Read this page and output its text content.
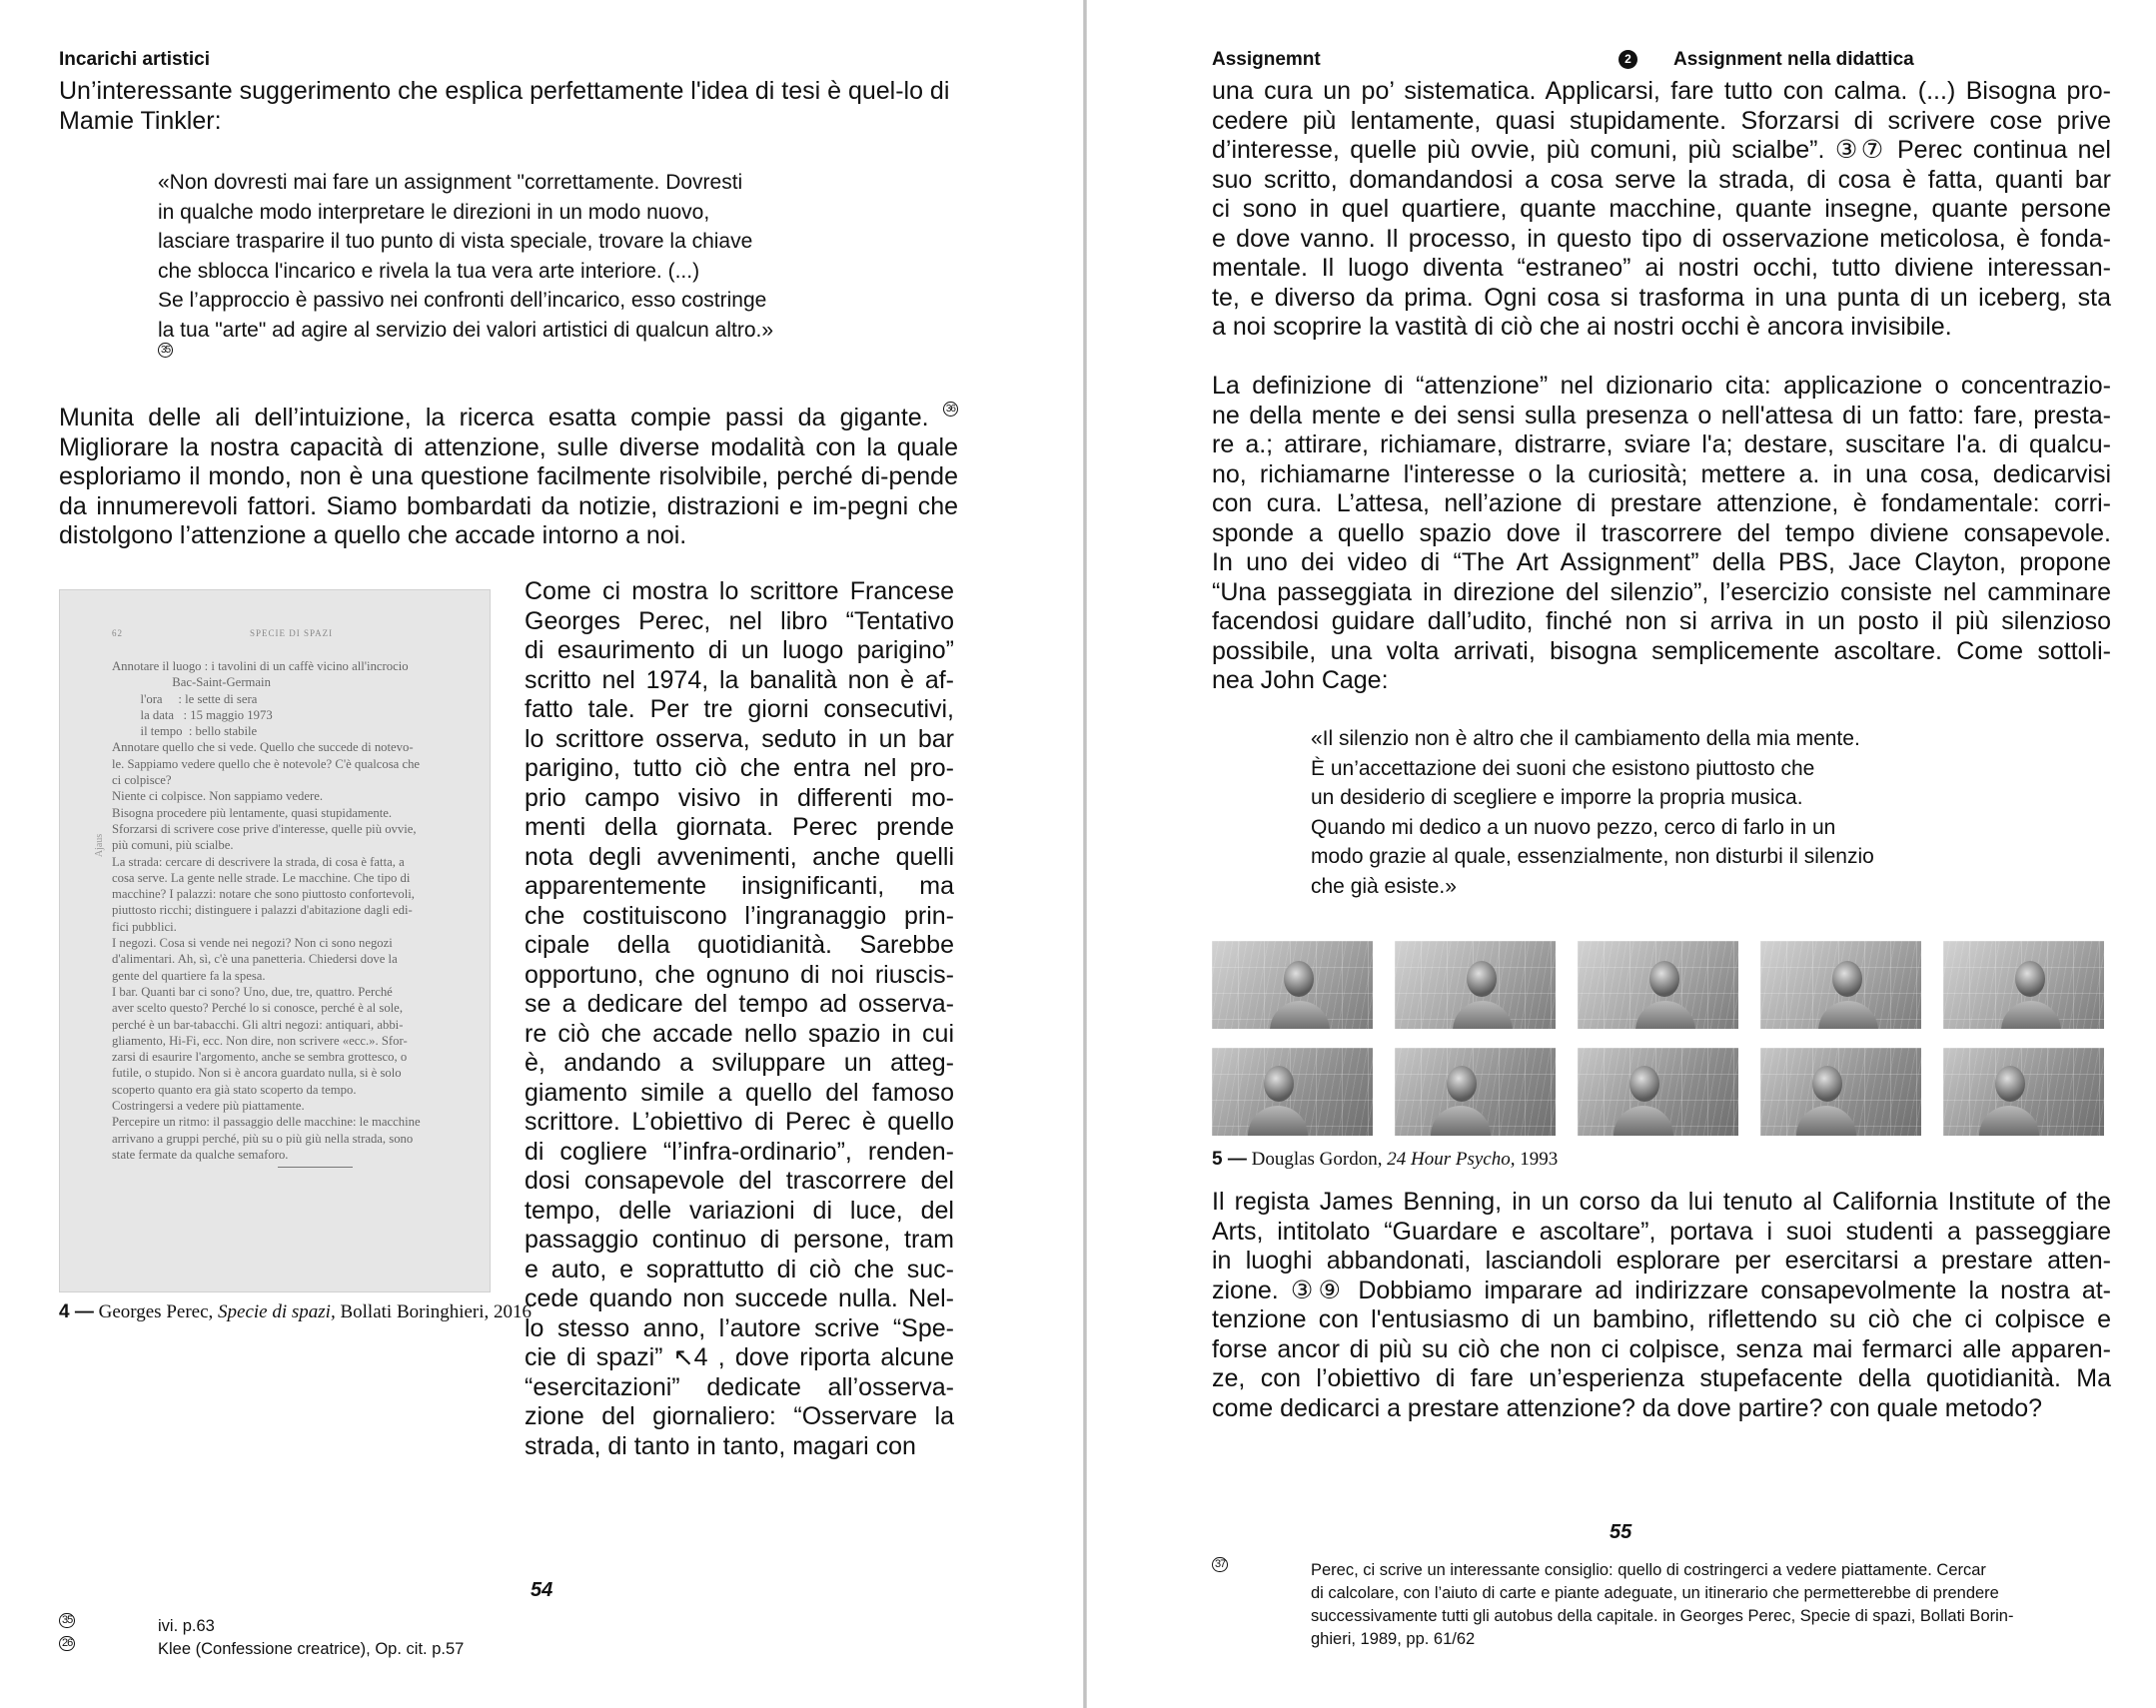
Incarichi artistici
Un’interessante suggerimento che esplica perfettamente l'idea di tesi è quel-lo di Mamie Tinkler:
«Non dovresti mai fare un assignment "correttamente. Dovresti
in qualche modo interpretare le direzioni in un modo nuovo,
lasciare trasparire il tuo punto di vista speciale, trovare la chiave
che sblocca l'incarico e rivela la tua vera arte interiore. (...)
Se l’approccio è passivo nei confronti dell’incarico, esso costringe
la tua "arte" ad agire al servizio dei valori artistici di qualcun altro.»
35
Munita delle ali dell’intuizione, la ricerca esatta compie passi da gigante. 36 Migliorare la nostra capacità di attenzione, sulle diverse modalità con la quale esploriamo il mondo, non è una questione facilmente risolvibile, perché di-pende da innumerevoli fattori. Siamo bombardati da notizie, distrazioni e im-pegni che distolgono l’attenzione a quello che accade intorno a noi.
62	SPECIE DI SPAZI
Ajaus
Annotare il luogo : i tavolini di un caffè vicino all'incrocio
Bac-Saint-Germain
l'ora     : le sette di sera
la data   : 15 maggio 1973
il tempo  : bello stabile
Annotare quello che si vede. Quello che succede di notevo-
le. Sappiamo vedere quello che è notevole? C'è qualcosa che
ci colpisce?
Niente ci colpisce. Non sappiamo vedere.
Bisogna procedere più lentamente, quasi stupidamente.
Sforzarsi di scrivere cose prive d'interesse, quelle più ovvie,
più comuni, più scialbe.
La strada: cercare di descrivere la strada, di cosa è fatta, a
cosa serve. La gente nelle strade. Le macchine. Che tipo di
macchine? I palazzi: notare che sono piuttosto confortevoli,
piuttosto ricchi; distinguere i palazzi d'abitazione dagli edi-
fici pubblici.
I negozi. Cosa si vende nei negozi? Non ci sono negozi
d'alimentari. Ah, sì, c'è una panetteria. Chiedersi dove la
gente del quartiere fa la spesa.
I bar. Quanti bar ci sono? Uno, due, tre, quattro. Perché
aver scelto questo? Perché lo si conosce, perché è al sole,
perché è un bar-tabacchi. Gli altri negozi: antiquari, abbi-
gliamento, Hi-Fi, ecc. Non dire, non scrivere «ecc.». Sfor-
zarsi di esaurire l'argomento, anche se sembra grottesco, o
futile, o stupido. Non si è ancora guardato nulla, si è solo
scoperto quanto era già stato scoperto da tempo.
Costringersi a vedere più piattamente.
Percepire un ritmo: il passaggio delle macchine: le macchine
arrivano a gruppi perché, più su o più giù nella strada, sono
state fermate da qualche semaforo.
4 — Georges Perec, Specie di spazi, Bollati Boringhieri, 2016
Come ci mostra lo scrittore Francese
Georges Perec, nel libro “Tentativo
di esaurimento di un luogo parigino”
scritto nel 1974, la banalità non è af-
fatto tale. Per tre giorni consecutivi,
lo scrittore osserva, seduto in un bar
parigino, tutto ciò che entra nel pro-
prio campo visivo in differenti mo-
menti della giornata. Perec prende
nota degli avvenimenti, anche quelli
apparentemente insignificanti, ma
che costituiscono l’ingranaggio prin-
cipale della quotidianità. Sarebbe
opportuno, che ognuno di noi riuscis-
se a dedicare del tempo ad osserva-
re ciò che accade nello spazio in cui
è, andando a sviluppare un atteg-
giamento simile a quello del famoso
scrittore. L’obiettivo di Perec è quello
di cogliere “l’infra-ordinario”, renden-
dosi consapevole del trascorrere del
tempo, delle variazioni di luce, del
passaggio continuo di persone, tram
e auto, e soprattutto di ciò che suc-
cede quando non succede nulla. Nel-
lo stesso anno, l’autore scrive “Spe-
cie di spazi” ↖4 , dove riporta alcune
“esercitazioni” dedicate all’osserva-
zione del giornaliero: “Osservare la
strada, di tanto in tanto, magari con
54
35	ivi. p.63
26	Klee (Confessione creatrice), Op. cit. p.57
Assignemnt	2	Assignment nella didattica
una cura un po’ sistematica. Applicarsi, fare tutto con calma. (...) Bisogna pro-
cedere più lentamente, quasi stupidamente. Sforzarsi di scrivere cose prive
d’interesse, quelle più ovvie, più comuni, più scialbe”. ③⑦ Perec continua nel
suo scritto, domandandosi a cosa serve la strada, di cosa è fatta, quanti bar
ci sono in quel quartiere, quante macchine, quante insegne, quante persone
e dove vanno. Il processo, in questo tipo di osservazione meticolosa, è fonda-
mentale. Il luogo diventa “estraneo” ai nostri occhi, tutto diviene interessan-
te, e diverso da prima. Ogni cosa si trasforma in una punta di un iceberg, sta
a noi scoprire la vastità di ciò che ai nostri occhi è ancora invisibile.
La definizione di “attenzione” nel dizionario cita: applicazione o concentrazio-
ne della mente e dei sensi sulla presenza o nell'attesa di un fatto: fare, presta-
re a.; attirare, richiamare, distrarre, sviare l'a; destare, suscitare l'a. di qualcu-
no, richiamarne l'interesse o la curiosità; mettere a. in una cosa, dedicarvisi
con cura. L’attesa, nell’azione di prestare attenzione, è fondamentale: corri-
sponde a quello spazio dove il trascorrere del tempo diviene consapevole.
In uno dei video di “The Art Assignment” della PBS, Jace Clayton, propone
“Una passeggiata in direzione del silenzio”, l’esercizio consiste nel camminare
facendosi guidare dall’udito, finché non si arriva in un posto il più silenzioso
possibile, una volta arrivati, bisogna semplicemente ascoltare. Come sottoli-
nea John Cage:
«Il silenzio non è altro che il cambiamento della mia mente.
È un’accettazione dei suoni che esistono piuttosto che
un desiderio di scegliere e imporre la propria musica.
Quando mi dedico a un nuovo pezzo, cerco di farlo in un
modo grazie al quale, essenzialmente, non disturbi il silenzio
che già esiste.»
5 — Douglas Gordon, 24 Hour Psycho, 1993
Il regista James Benning, in un corso da lui tenuto al California Institute of the
Arts, intitolato “Guardare e ascoltare”, portava i suoi studenti a passeggiare
in luoghi abbandonati, lasciandoli esplorare per esercitarsi a prestare atten-
zione. ③⑨ Dobbiamo imparare ad indirizzare consapevolmente la nostra at-
tenzione con l'entusiasmo di un bambino, riflettendo su ciò che ci colpisce e
forse ancor di più su ciò che non ci colpisce, senza mai fermarci alle apparen-
ze, con l’obiettivo di fare un’esperienza stupefacente della quotidianità. Ma
come dedicarci a prestare attenzione? da dove partire? con quale metodo?
55
37	Perec, ci scrive un interessante consiglio: quello di costringerci a vedere piattamente. Cercar
di calcolare, con l’aiuto di carte e piante adeguate, un itinerario che permetterebbe di prendere
successivamente tutti gli autobus della capitale. in Georges Perec, Specie di spazi, Bollati Borin-
ghieri, 1989, pp. 61/62
